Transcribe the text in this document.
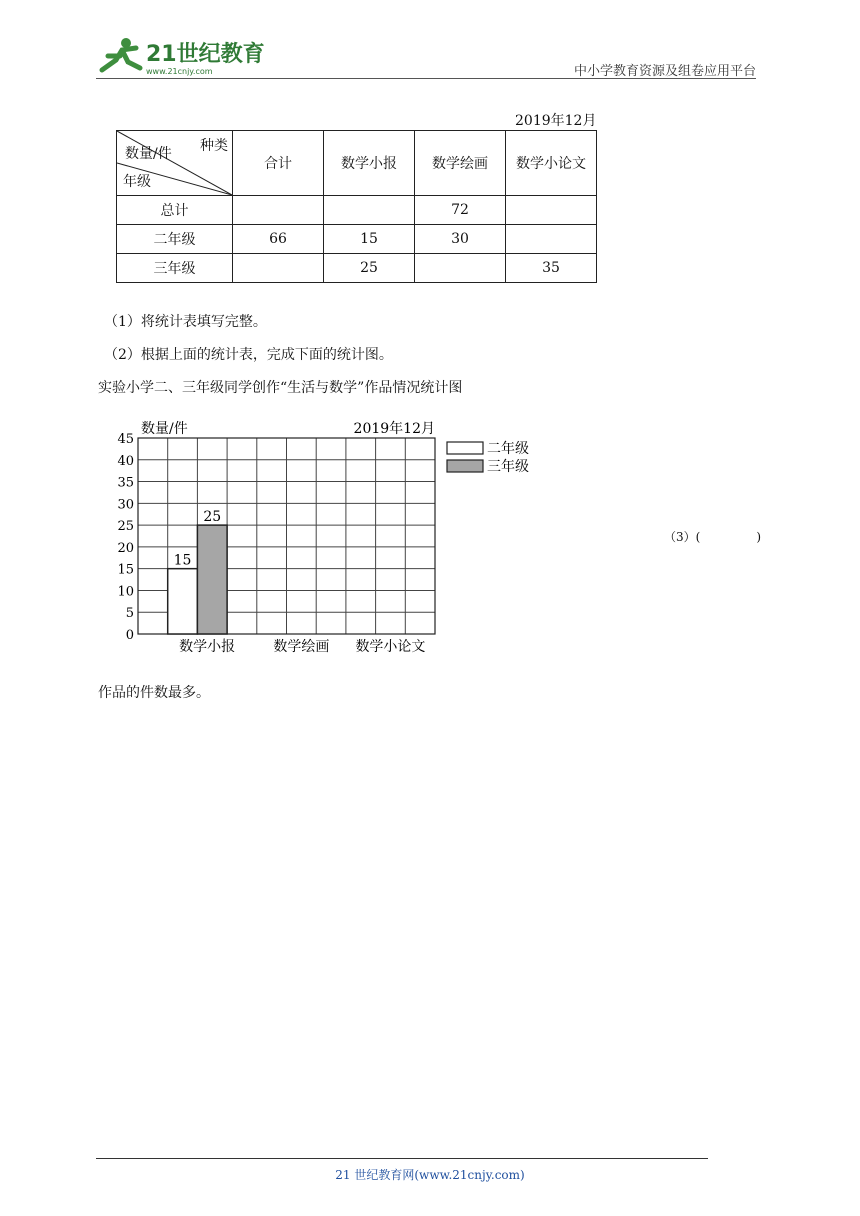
21世纪教育
www.21cnjy.com	中小学教育资源及组卷应用平台
2019年12月
种类
数量/件
年级	合计	数学小报	数学绘画	数学小论文
总计			72	
二年级	66	15	30	
三年级		25		35
（1）将统计表填写完整。
（2）根据上面的统计表，完成下面的统计图。
实验小学二、三年级同学创作“生活与数学”作品情况统计图
0
5
10
15
20
25
30
35
40
45
数量/件	2019年12月
15
25
数学小报	数学绘画 数学小论文
二年级
三年级
（3）(	)
作品的件数最多。
21 世纪教育网(www.21cnjy.com)
